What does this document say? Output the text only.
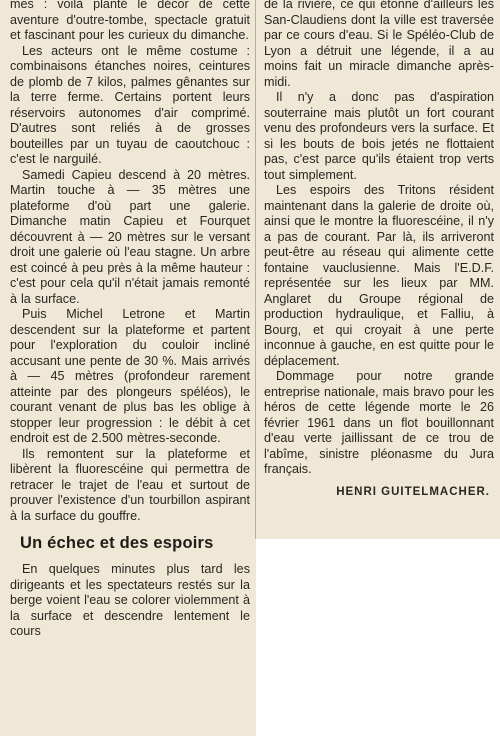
mes : voilà planté le décor de cette aventure d'outre-tombe, spectacle gratuit et fascinant pour les curieux du dimanche.

Les acteurs ont le même costume : combinaisons étanches noires, ceintures de plomb de 7 kilos, palmes gênantes sur la terre ferme. Certains portent leurs réservoirs autonomes d'air comprimé. D'autres sont reliés à de grosses bouteilles par un tuyau de caoutchouc : c'est le narguilé.

Samedi Capieu descend à 20 mètres. Martin touche à — 35 mètres une plateforme d'où part une galerie. Dimanche matin Capieu et Fourquet découvrent à — 20 mètres sur le versant droit une galerie où l'eau stagne. Un arbre est coincé à peu près à la même hauteur : c'est pour cela qu'il n'était jamais remonté à la surface.

Puis Michel Letrone et Martin descendent sur la plateforme et partent pour l'exploration du couloir incliné accusant une pente de 30 %. Mais arrivés à — 45 mètres (profondeur rarement atteinte par des plongeurs spéléos), le courant venant de plus bas les oblige à stopper leur progression : le débit à cet endroit est de 2.500 mètres-seconde.

Ils remontent sur la plateforme et libèrent la fluorescéine qui permettra de retracer le trajet de l'eau et surtout de prouver l'existence d'un tourbillon aspirant à la surface du gouffre.

Un échec et des espoirs

En quelques minutes plus tard les dirigeants et les spectateurs restés sur la berge voient l'eau se colorer violemment à la surface et descendre lentement le cours

de la rivière, ce qui étonne d'ailleurs les San-Claudiens dont la ville est traversée par ce cours d'eau. Si le Spéléo-Club de Lyon a détruit une légende, il a au moins fait un miracle dimanche après-midi.

Il n'y a donc pas d'aspiration souterraine mais plutôt un fort courant venu des profondeurs vers la surface. Et si les bouts de bois jetés ne flottaient pas, c'est parce qu'ils étaient trop verts tout simplement.

Les espoirs des Tritons résident maintenant dans la galerie de droite où, ainsi que le montre la fluorescéine, il n'y a pas de courant. Par là, ils arriveront peut-être au réseau qui alimente cette fontaine vauclusienne. Mais l'E.D.F. représentée sur les lieux par MM. Anglaret du Groupe régional de production hydraulique, et Falliu, à Bourg, et qui croyait à une perte inconnue à gauche, en est quitte pour le déplacement.

Dommage pour notre grande entreprise nationale, mais bravo pour les héros de cette légende morte le 26 février 1961 dans un flot bouillonnant d'eau verte jaillissant de ce trou de l'abîme, sinistre pléonasme du Jura français.

HENRI GUITELMACHER.
